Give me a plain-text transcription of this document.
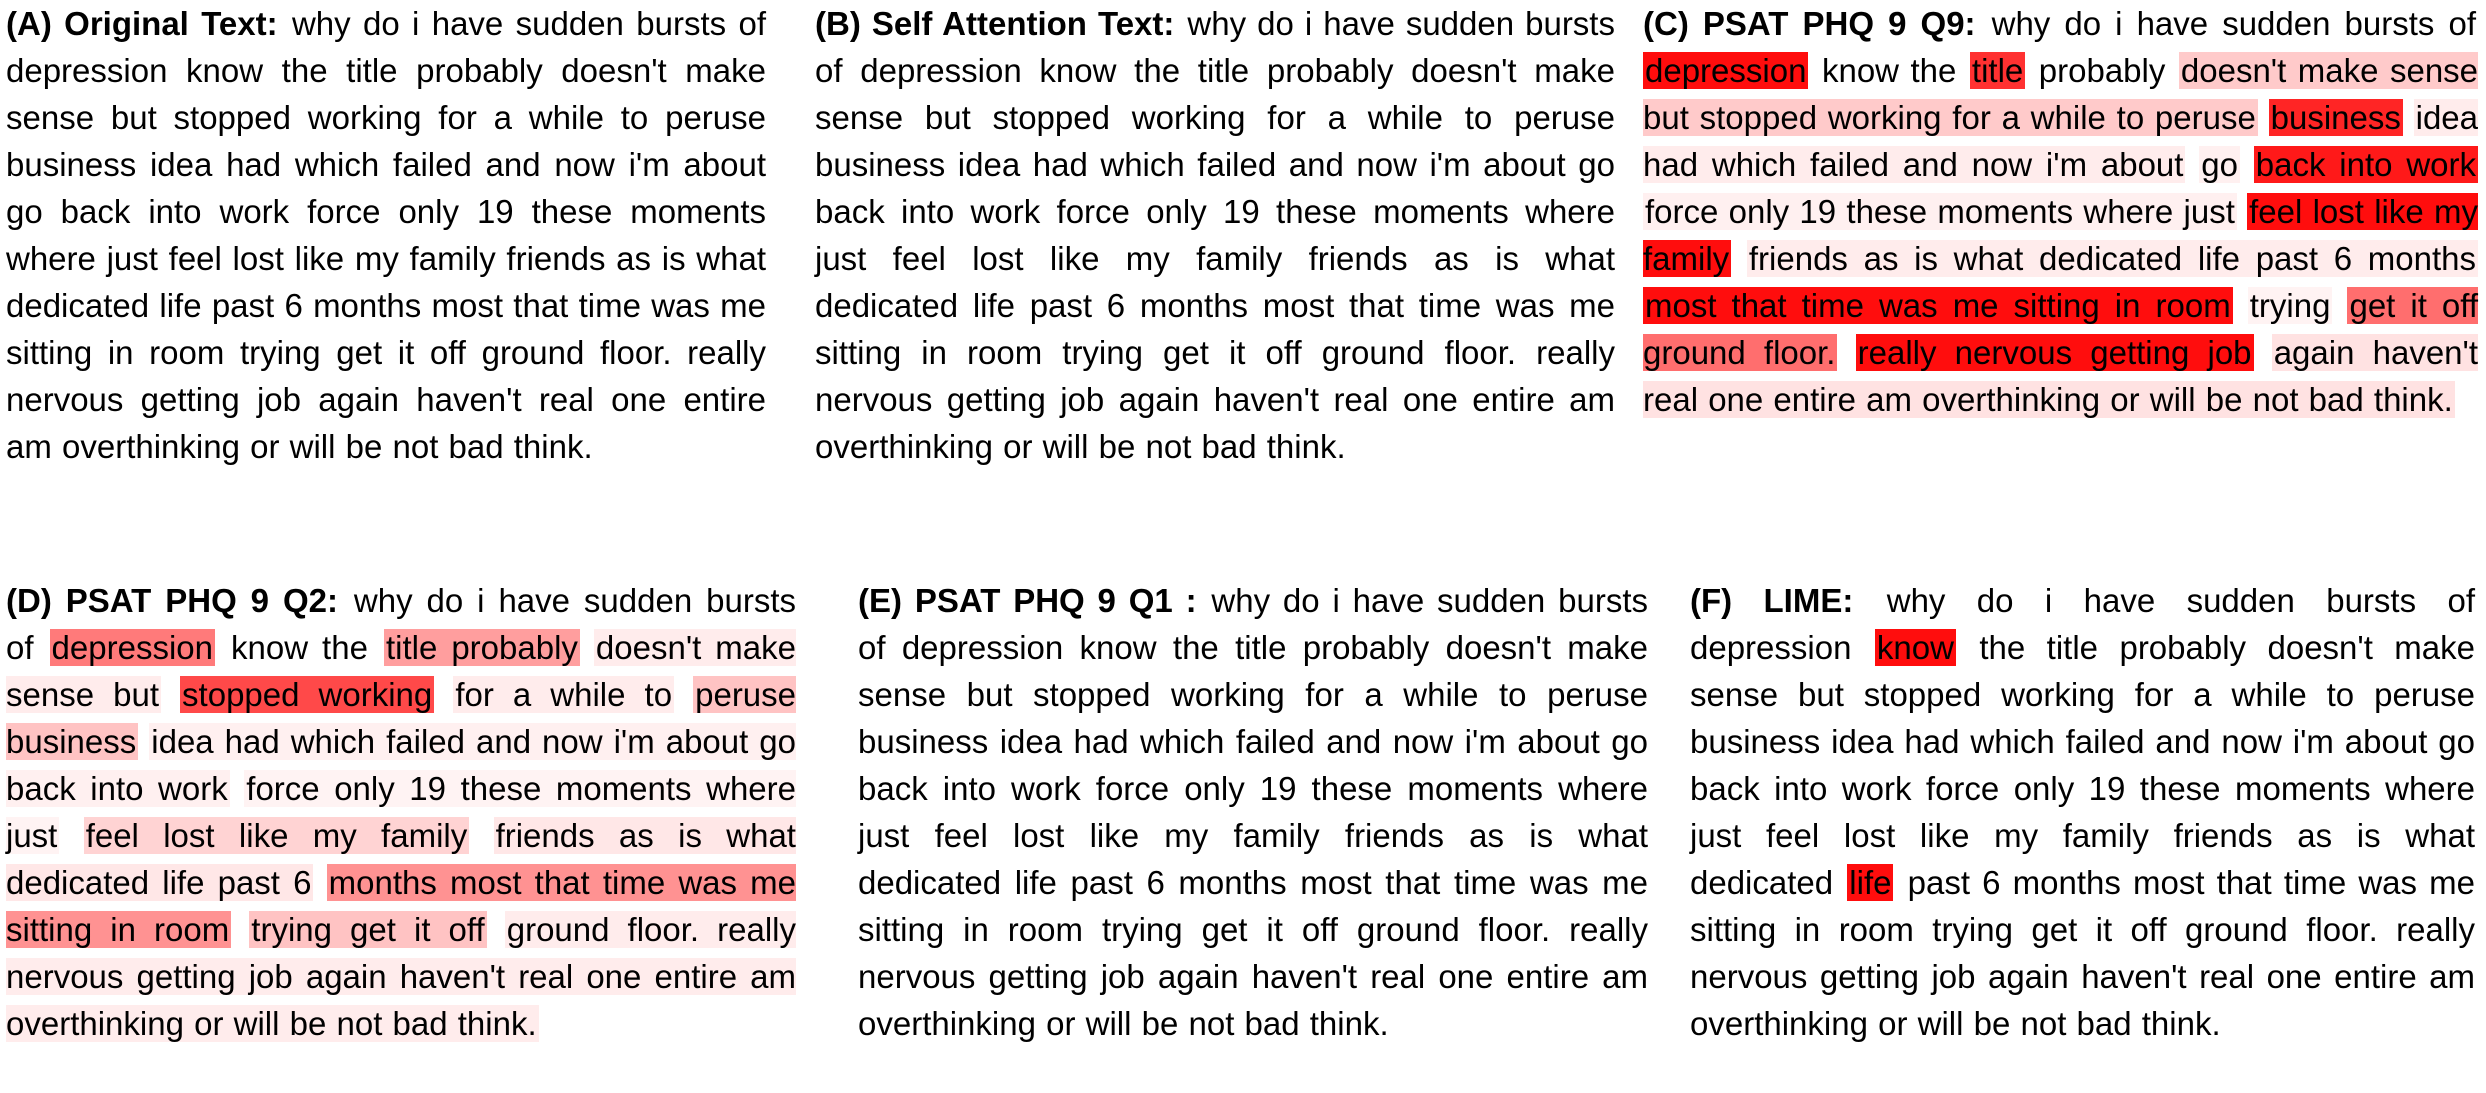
(A) Original Text: why do i have sudden bursts of depression know the title probably doesn't make sense but stopped working for a while to peruse business idea had which failed and now i'm about go back into work force only 19 these moments where just feel lost like my family friends as is what dedicated life past 6 months most that time was me sitting in room trying get it off ground floor. really nervous getting job again haven't real one entire am overthinking or will be not bad think.
(B) Self Attention Text: why do i have sudden bursts of depression know the title probably doesn't make sense but stopped working for a while to peruse business idea had which failed and now i'm about go back into work force only 19 these moments where just feel lost like my family friends as is what dedicated life past 6 months most that time was me sitting in room trying get it off ground floor. really nervous getting job again haven't real one entire am overthinking or will be not bad think.
(C) PSAT PHQ 9 Q9: why do i have sudden bursts of depression know the title probably doesn't make sense but stopped working for a while to peruse business idea had which failed and now i'm about go back into work force only 19 these moments where just feel lost like my family friends as is what dedicated life past 6 months most that time was me sitting in room trying get it off ground floor. really nervous getting job again haven't real one entire am overthinking or will be not bad think.
(D) PSAT PHQ 9 Q2: why do i have sudden bursts of depression know the title probably doesn't make sense but stopped working for a while to peruse business idea had which failed and now i'm about go back into work force only 19 these moments where just feel lost like my family friends as is what dedicated life past 6 months most that time was me sitting in room trying get it off ground floor. really nervous getting job again haven't real one entire am overthinking or will be not bad think.
(E) PSAT PHQ 9 Q1 : why do i have sudden bursts of depression know the title probably doesn't make sense but stopped working for a while to peruse business idea had which failed and now i'm about go back into work force only 19 these moments where just feel lost like my family friends as is what dedicated life past 6 months most that time was me sitting in room trying get it off ground floor. really nervous getting job again haven't real one entire am overthinking or will be not bad think.
(F) LIME: why do i have sudden bursts of depression know the title probably doesn't make sense but stopped working for a while to peruse business idea had which failed and now i'm about go back into work force only 19 these moments where just feel lost like my family friends as is what dedicated life past 6 months most that time was me sitting in room trying get it off ground floor. really nervous getting job again haven't real one entire am overthinking or will be not bad think.
